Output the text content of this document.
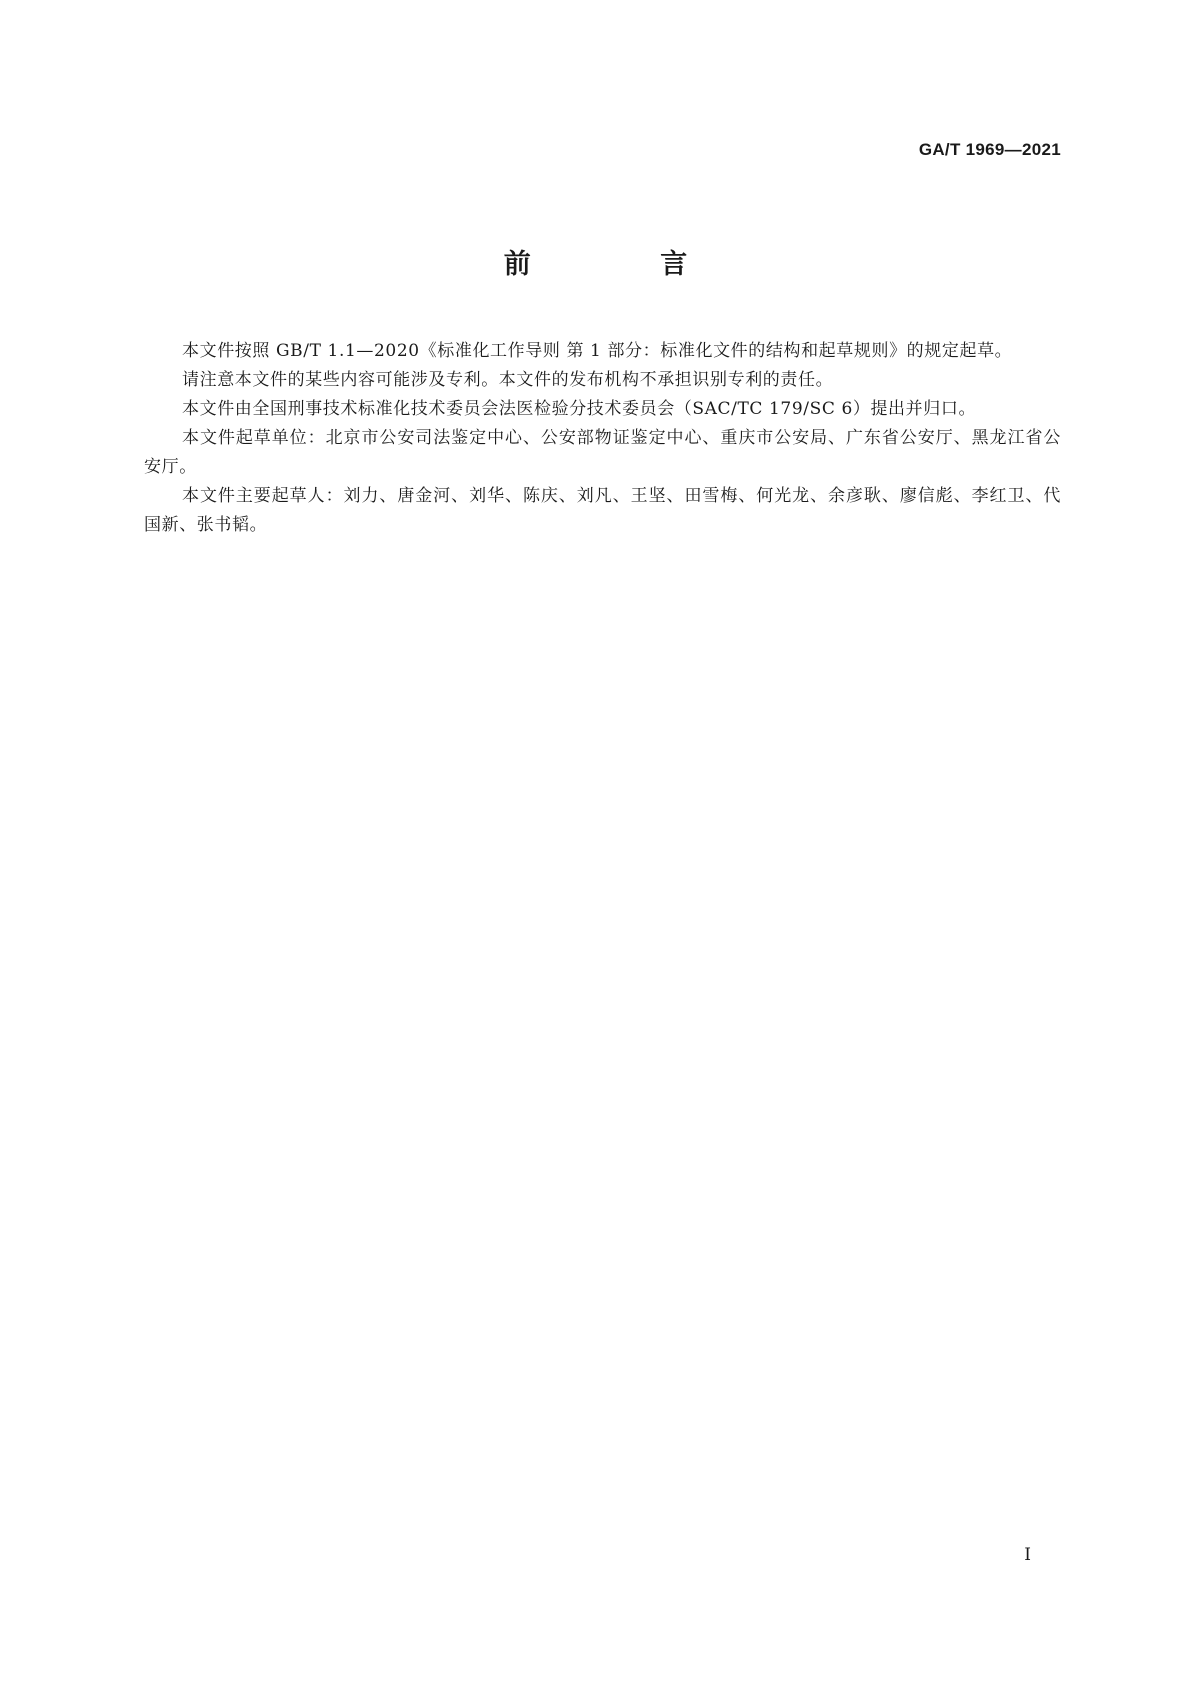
GA/T 1969—2021
前 言

本文件按照 GB/T 1.1—2020《标准化工作导则 第 1 部分：标准化文件的结构和起草规则》的规定起草。

请注意本文件的某些内容可能涉及专利。本文件的发布机构不承担识别专利的责任。

本文件由全国刑事技术标准化技术委员会法医检验分技术委员会（SAC/TC 179/SC 6）提出并归口。

本文件起草单位：北京市公安司法鉴定中心、公安部物证鉴定中心、重庆市公安局、广东省公安厅、黑龙江省公安厅。

本文件主要起草人：刘力、唐金河、刘华、陈庆、刘凡、王坚、田雪梅、何光龙、余彦耿、廖信彪、李红卫、代国新、张书韬。

I
